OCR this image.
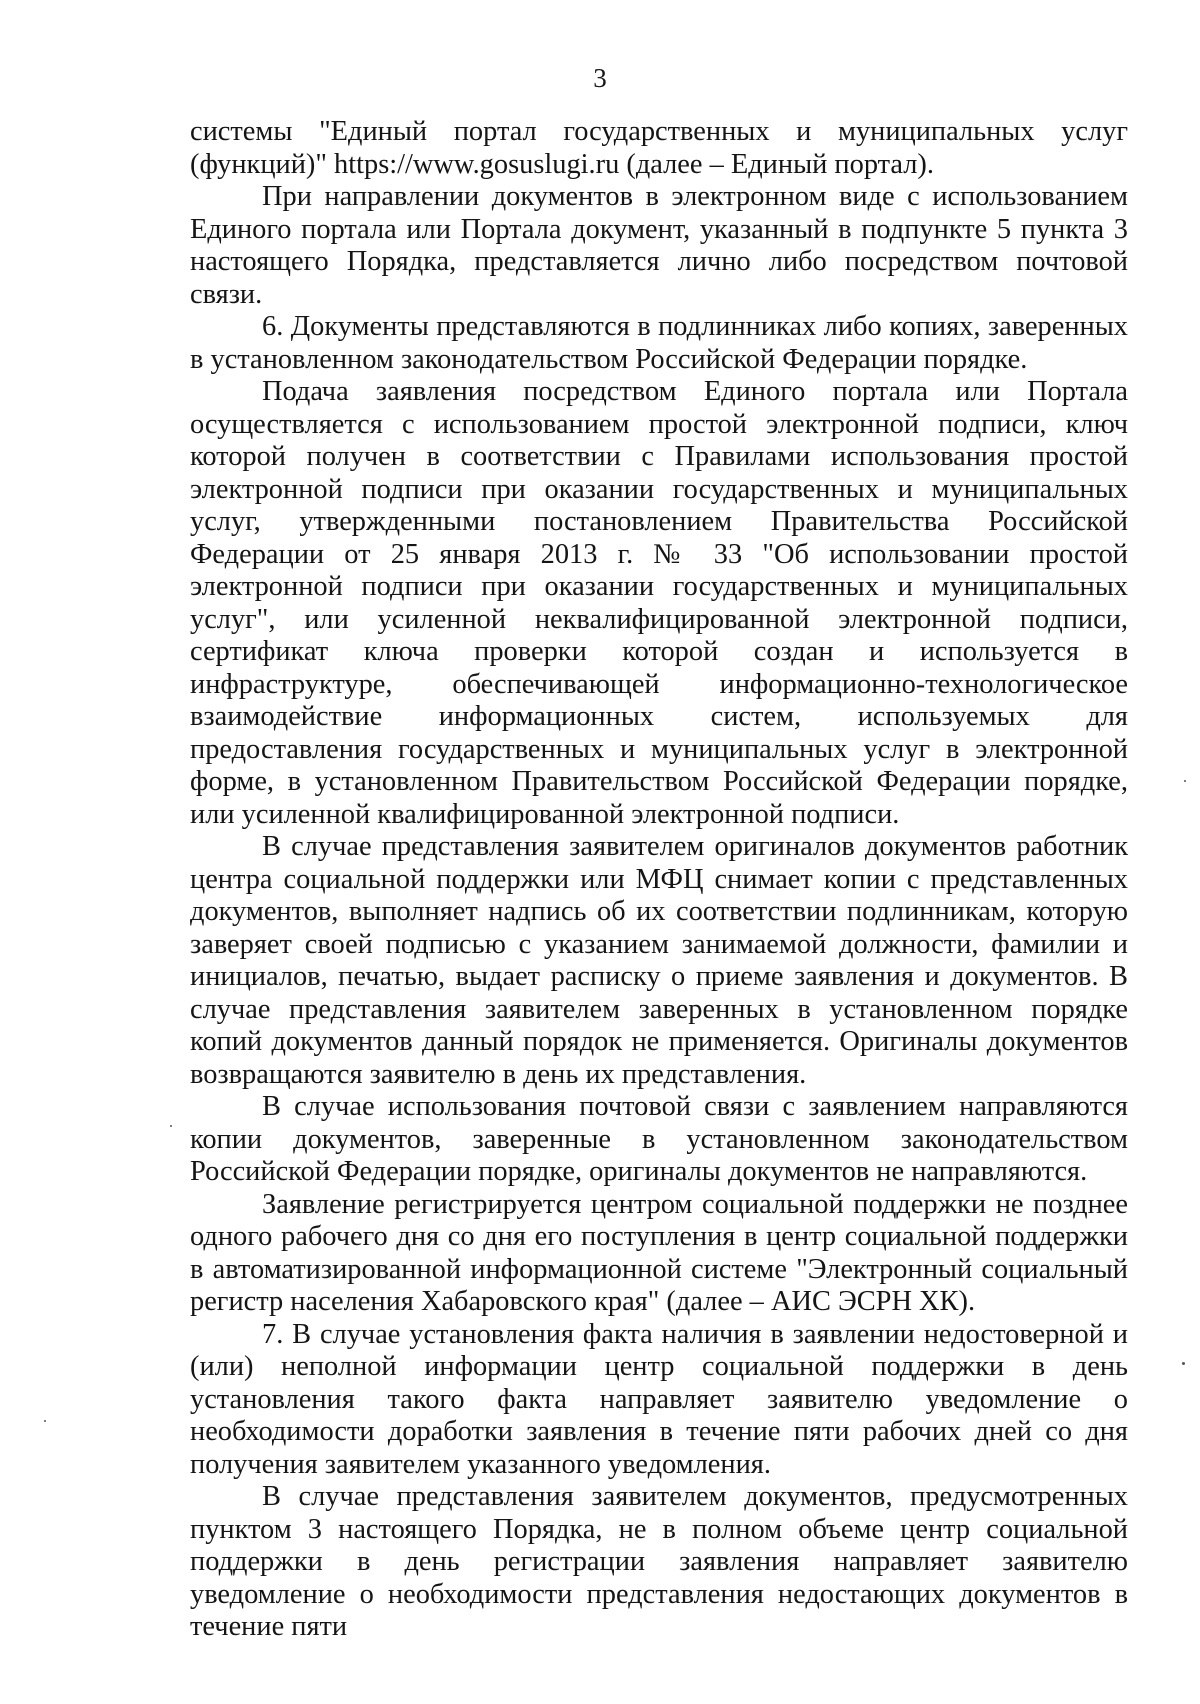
3

системы "Единый портал государственных и муниципальных услуг (функций)" https://www.gosuslugi.ru (далее – Единый портал).

При направлении документов в электронном виде с использованием Единого портала или Портала документ, указанный в подпункте 5 пункта 3 настоящего Порядка, представляется лично либо посредством почтовой связи.

6. Документы представляются в подлинниках либо копиях, заверенных в установленном законодательством Российской Федерации порядке.

Подача заявления посредством Единого портала или Портала осуществляется с использованием простой электронной подписи, ключ которой получен в соответствии с Правилами использования простой электронной подписи при оказании государственных и муниципальных услуг, утвержденными постановлением Правительства Российской Федерации от 25 января 2013 г. № 33 "Об использовании простой электронной подписи при оказании государственных и муниципальных услуг", или усиленной неквалифицированной электронной подписи, сертификат ключа проверки которой создан и используется в инфраструктуре, обеспечивающей информационно-технологическое взаимодействие информационных систем, используемых для предоставления государственных и муниципальных услуг в электронной форме, в установленном Правительством Российской Федерации порядке, или усиленной квалифицированной электронной подписи.

В случае представления заявителем оригиналов документов работник центра социальной поддержки или МФЦ снимает копии с представленных документов, выполняет надпись об их соответствии подлинникам, которую заверяет своей подписью с указанием занимаемой должности, фамилии и инициалов, печатью, выдает расписку о приеме заявления и документов. В случае представления заявителем заверенных в установленном порядке копий документов данный порядок не применяется. Оригиналы документов возвращаются заявителю в день их представления.

В случае использования почтовой связи с заявлением направляются копии документов, заверенные в установленном законодательством Российской Федерации порядке, оригиналы документов не направляются.

Заявление регистрируется центром социальной поддержки не позднее одного рабочего дня со дня его поступления в центр социальной поддержки в автоматизированной информационной системе "Электронный социальный регистр населения Хабаровского края" (далее – АИС ЭСРН ХК).

7. В случае установления факта наличия в заявлении недостоверной и (или) неполной информации центр социальной поддержки в день установления такого факта направляет заявителю уведомление о необходимости доработки заявления в течение пяти рабочих дней со дня получения заявителем указанного уведомления.

В случае представления заявителем документов, предусмотренных пунктом 3 настоящего Порядка, не в полном объеме центр социальной поддержки в день регистрации заявления направляет заявителю уведомление о необходимости представления недостающих документов в течение пяти
